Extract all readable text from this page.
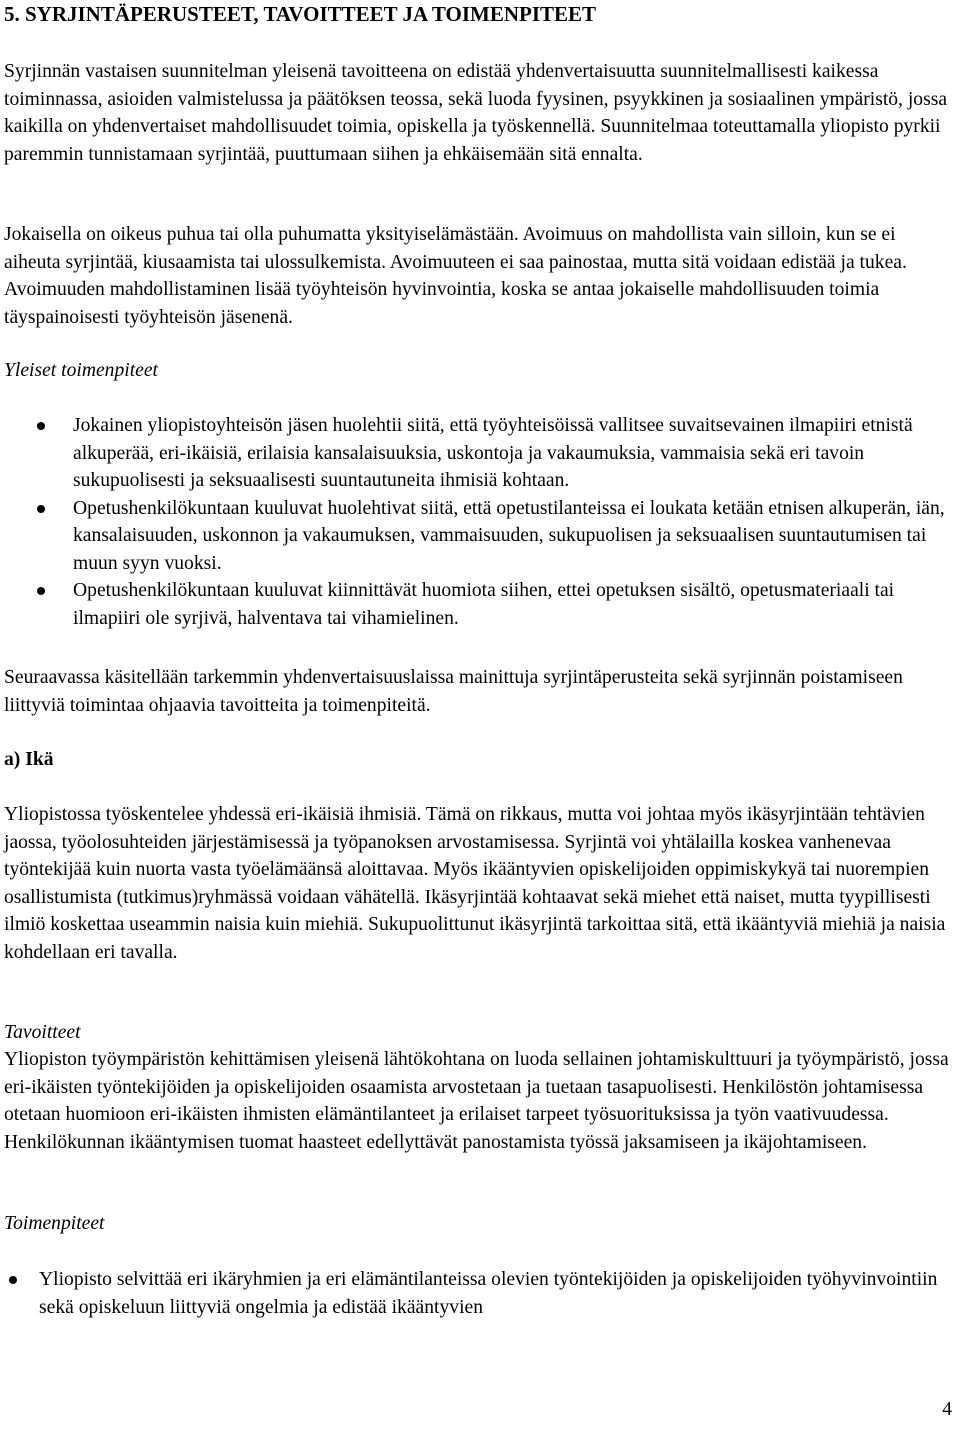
5. SYRJINTÄPERUSTEET, TAVOITTEET JA TOIMENPITEET

Syrjinnän vastaisen suunnitelman yleisenä tavoitteena on edistää yhdenvertaisuutta suunnitelmallisesti kaikessa toiminnassa, asioiden valmistelussa ja päätöksen teossa, sekä luoda fyysinen, psyykkinen ja sosiaalinen ympäristö, jossa kaikilla on yhdenvertaiset mahdollisuudet toimia, opiskella ja työskennellä. Suunnitelmaa toteuttamalla yliopisto pyrkii paremmin tunnistamaan syrjintää, puuttumaan siihen ja ehkäisemään sitä ennalta.

Jokaisella on oikeus puhua tai olla puhumatta yksityiselämästään. Avoimuus on mahdollista vain silloin, kun se ei aiheuta syrjintää, kiusaamista tai ulossulkemista. Avoimuuteen ei saa painostaa, mutta sitä voidaan edistää ja tukea. Avoimuuden mahdollistaminen lisää työyhteisön hyvinvointia, koska se antaa jokaiselle mahdollisuuden toimia täyspainoisesti työyhteisön jäsenenä.

Yleiset toimenpiteet

Jokainen yliopistoyhteisön jäsen huolehtii siitä, että työyhteisöissä vallitsee suvaitsevainen ilmapiiri etnistä alkuperää, eri-ikäisiä, erilaisia kansalaisuuksia, uskontoja ja vakaumuksia, vammaisia sekä eri tavoin sukupuolisesti ja seksuaalisesti suuntautuneita ihmisiä kohtaan.
Opetushenkilökuntaan kuuluvat huolehtivat siitä, että opetustilanteissa ei loukata ketään etnisen alkuperän, iän, kansalaisuuden, uskonnon ja vakaumuksen, vammaisuuden, sukupuolisen ja seksuaalisen suuntautumisen tai muun syyn vuoksi.
Opetushenkilökuntaan kuuluvat kiinnittävät huomiota siihen, ettei opetuksen sisältö, opetusmateriaali tai ilmapiiri ole syrjivä, halventava tai vihamielinen.

Seuraavassa käsitellään tarkemmin yhdenvertaisuuslaissa mainittuja syrjintäperusteita sekä syrjinnän poistamiseen liittyviä toimintaa ohjaavia tavoitteita ja toimenpiteitä.

a) Ikä

Yliopistossa työskentelee yhdessä eri-ikäisiä ihmisiä. Tämä on rikkaus, mutta voi johtaa myös ikäsyrjintään tehtävien jaossa, työolosuhteiden järjestämisessä ja työpanoksen arvostamisessa. Syrjintä voi yhtälailla koskea vanhenevaa työntekijää kuin nuorta vasta työelämäänsä aloittavaa. Myös ikääntyvien opiskelijoiden oppimiskykyä tai nuorempien osallistumista (tutkimus)ryhmässä voidaan vähätellä. Ikäsyrjintää kohtaavat sekä miehet että naiset, mutta tyypillisesti ilmiö koskettaa useammin naisia kuin miehiä. Sukupuolittunut ikäsyrjintä tarkoittaa sitä, että ikääntyviä miehiä ja naisia kohdellaan eri tavalla.

Tavoitteet

Yliopiston työympäristön kehittämisen yleisenä lähtökohtana on luoda sellainen johtamiskulttuuri ja työympäristö, jossa eri-ikäisten työntekijöiden ja opiskelijoiden osaamista arvostetaan ja tuetaan tasapuolisesti. Henkilöstön johtamisessa otetaan huomioon eri-ikäisten ihmisten elämäntilanteet ja erilaiset tarpeet työsuorituksissa ja työn vaativuudessa. Henkilökunnan ikääntymisen tuomat haasteet edellyttävät panostamista työssä jaksamiseen ja ikäjohtamiseen.

Toimenpiteet

Yliopisto selvittää eri ikäryhmien ja eri elämäntilanteissa olevien työntekijöiden ja opiskelijoiden työhyvinvointiin sekä opiskeluun liittyviä ongelmia ja edistää ikääntyvien
4
